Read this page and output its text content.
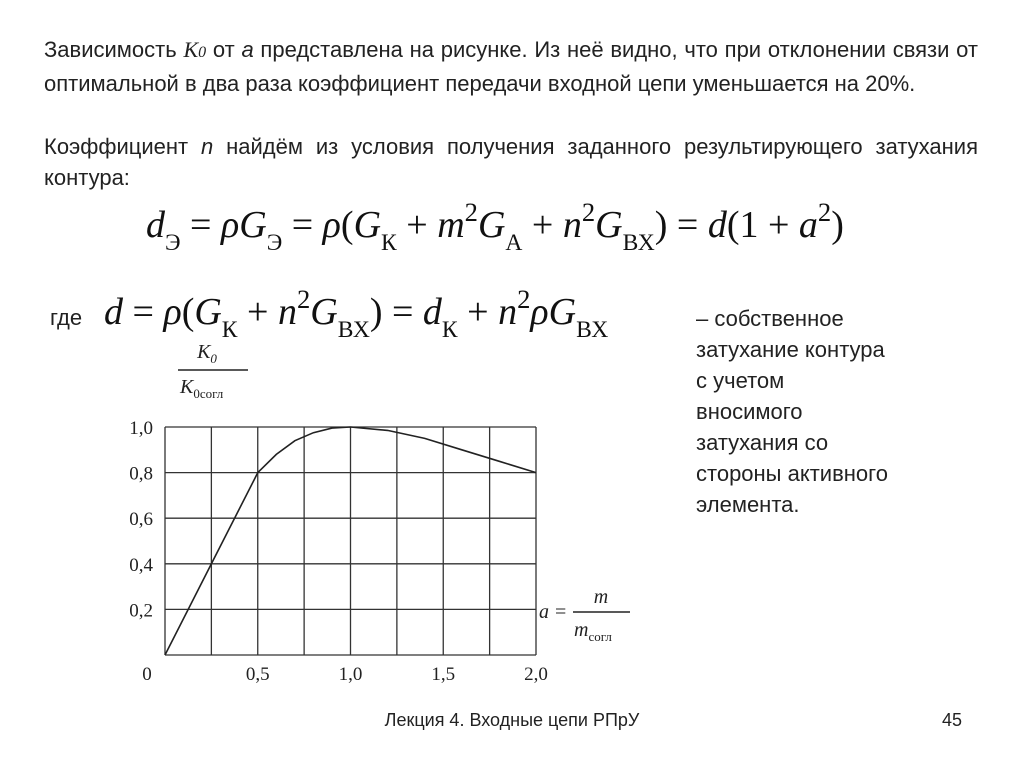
Зависимость K0 от a представлена на рисунке. Из неё видно, что при отклонении связи от оптимальной в два раза коэффициент передачи входной цепи уменьшается на 20%.
Коэффициент n найдём из условия получения заданного результирующего затухания контура:
$d_Э = \rho G_Э = \rho(G_К + m^2G_А + n^2G_{ВХ}) = d(1 + a^2)$
где $d = \rho(G_К + n^2G_{ВХ}) = d_К + n^2\rho G_{ВХ}$	– собственное затухание контура с учетом вносимого затухания со стороны активного элемента.
$K_0$
$K_{0согл}$
0	0,5	1,0	1,5	2,0
0,2
0,4
0,6
0,8
1,0
a =
m
$m_{согл}$
Лекция 4. Входные цепи РПрУ	45
